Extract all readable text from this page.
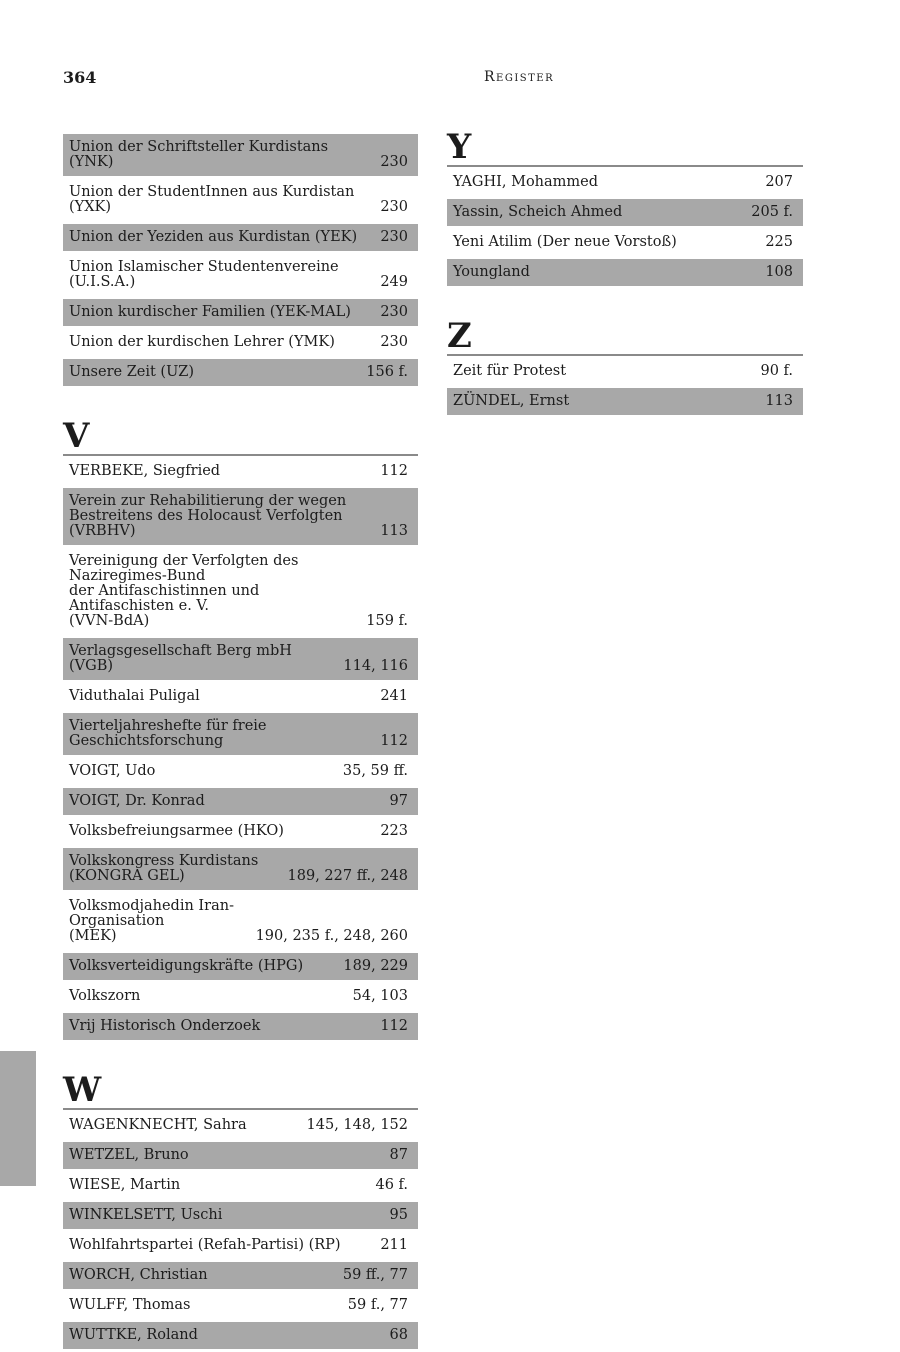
364	Register
Union der Schriftsteller Kurdistans (YNK)	230
Union der StudentInnen aus Kurdistan (YXK)	230
Union der Yeziden aus Kurdistan (YEK)	230
Union Islamischer Studentenvereine (U.I.S.A.)	249
Union kurdischer Familien (YEK-MAL)	230
Union der kurdischen Lehrer (YMK)	230
Unsere Zeit (UZ)	156 f.
V
VERBEKE, Siegfried	112
Verein zur Rehabilitierung der wegen
Bestreitens des Holocaust Verfolgten (VRBHV)	113
Vereinigung der Verfolgten des Naziregimes-Bund
der Antifaschistinnen und Antifaschisten e. V.
(VVN-BdA)	159 f.
Verlagsgesellschaft Berg mbH (VGB)	114, 116
Viduthalai Puligal	241
Vierteljahreshefte für freie
Geschichtsforschung	112
VOIGT, Udo	35, 59 ff.
VOIGT, Dr. Konrad	97
Volksbefreiungsarmee (HKO)	223
Volkskongress Kurdistans
(KONGRA GEL)	189, 227 ff., 248
Volksmodjahedin Iran-Organisation
(MEK)	190, 235 f., 248, 260
Volksverteidigungskräfte (HPG)	189, 229
Volkszorn	54, 103
Vrij Historisch Onderzoek	112
W
WAGENKNECHT, Sahra	145, 148, 152
WETZEL, Bruno	87
WIESE, Martin	46 f.
WINKELSETT, Uschi	95
Wohlfahrtspartei (Refah-Partisi) (RP)	211
WORCH, Christian	59 ff., 77
WULFF, Thomas	59 f., 77
WUTTKE, Roland	68
Y
YAGHI, Mohammed	207
Yassin, Scheich Ahmed	205 f.
Yeni Atilim (Der neue Vorstoß)	225
Youngland	108
Z
Zeit für Protest	90 f.
ZÜNDEL, Ernst	113
